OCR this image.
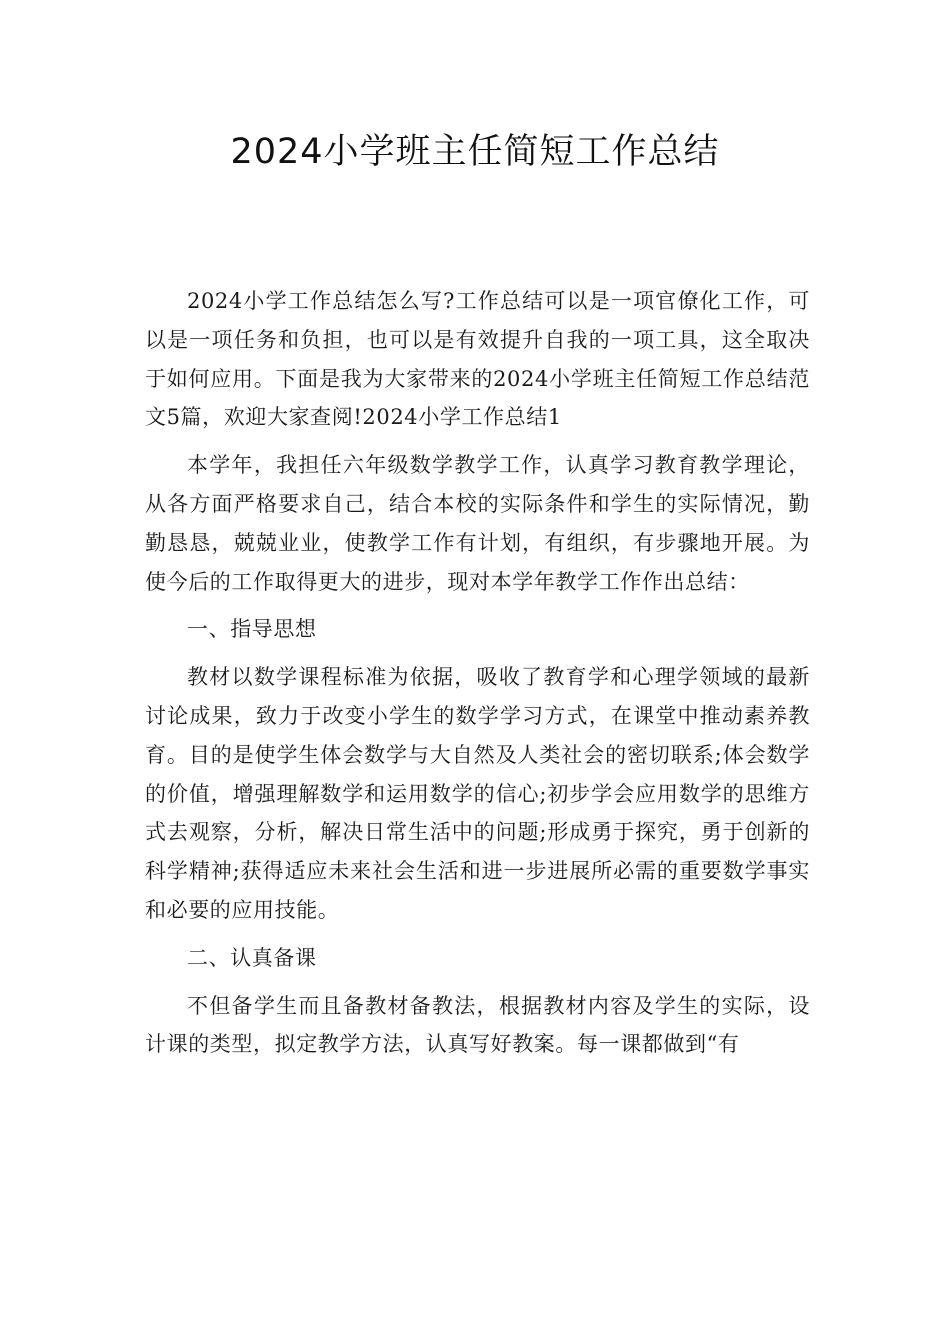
2024小学班主任简短工作总结

2024小学工作总结怎么写?工作总结可以是一项官僚化工作，可以是一项任务和负担，也可以是有效提升自我的一项工具，这全取决于如何应用。下面是我为大家带来的2024小学班主任简短工作总结范文5篇，欢迎大家查阅!2024小学工作总结1

本学年，我担任六年级数学教学工作，认真学习教育教学理论，从各方面严格要求自己，结合本校的实际条件和学生的实际情况，勤勤恳恳，兢兢业业，使教学工作有计划，有组织，有步骤地开展。为使今后的工作取得更大的进步，现对本学年教学工作作出总结：

一、指导思想

教材以数学课程标准为依据，吸收了教育学和心理学领域的最新讨论成果，致力于改变小学生的数学学习方式，在课堂中推动素养教育。目的是使学生体会数学与大自然及人类社会的密切联系;体会数学的价值，增强理解数学和运用数学的信心;初步学会应用数学的思维方式去观察，分析，解决日常生活中的问题;形成勇于探究，勇于创新的科学精神;获得适应未来社会生活和进一步进展所必需的重要数学事实和必要的应用技能。

二、认真备课

不但备学生而且备教材备教法，根据教材内容及学生的实际，设计课的类型，拟定教学方法，认真写好教案。每一课都做到“有
